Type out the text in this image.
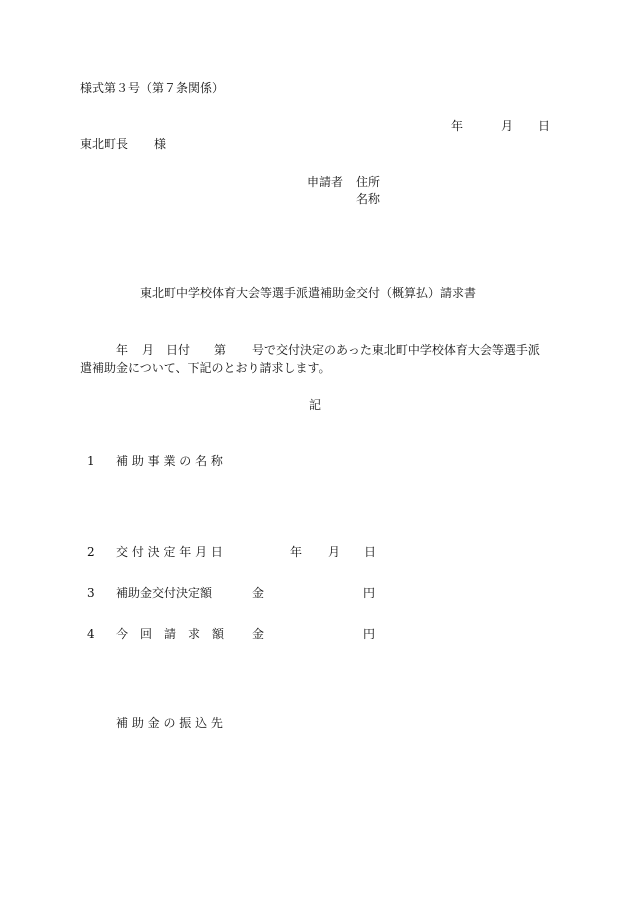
様式第３号（第７条関係）
年	月 日
東北町長 様
申請者 住所
名称
東北町中学校体育大会等選手派遣補助金交付（概算払）請求書
年 月 日付 第 号で交付決定のあった東北町中学校体育大会等選手派
遣補助金について、下記のとおり請求します。
記
1 補 助 事 業 の 名 称
2 交 付 決 定 年 月 日	年 月 日
3 補助金交付決定額	金	円
4 今　回　請　求　額 金	円
補 助 金 の 振 込 先
